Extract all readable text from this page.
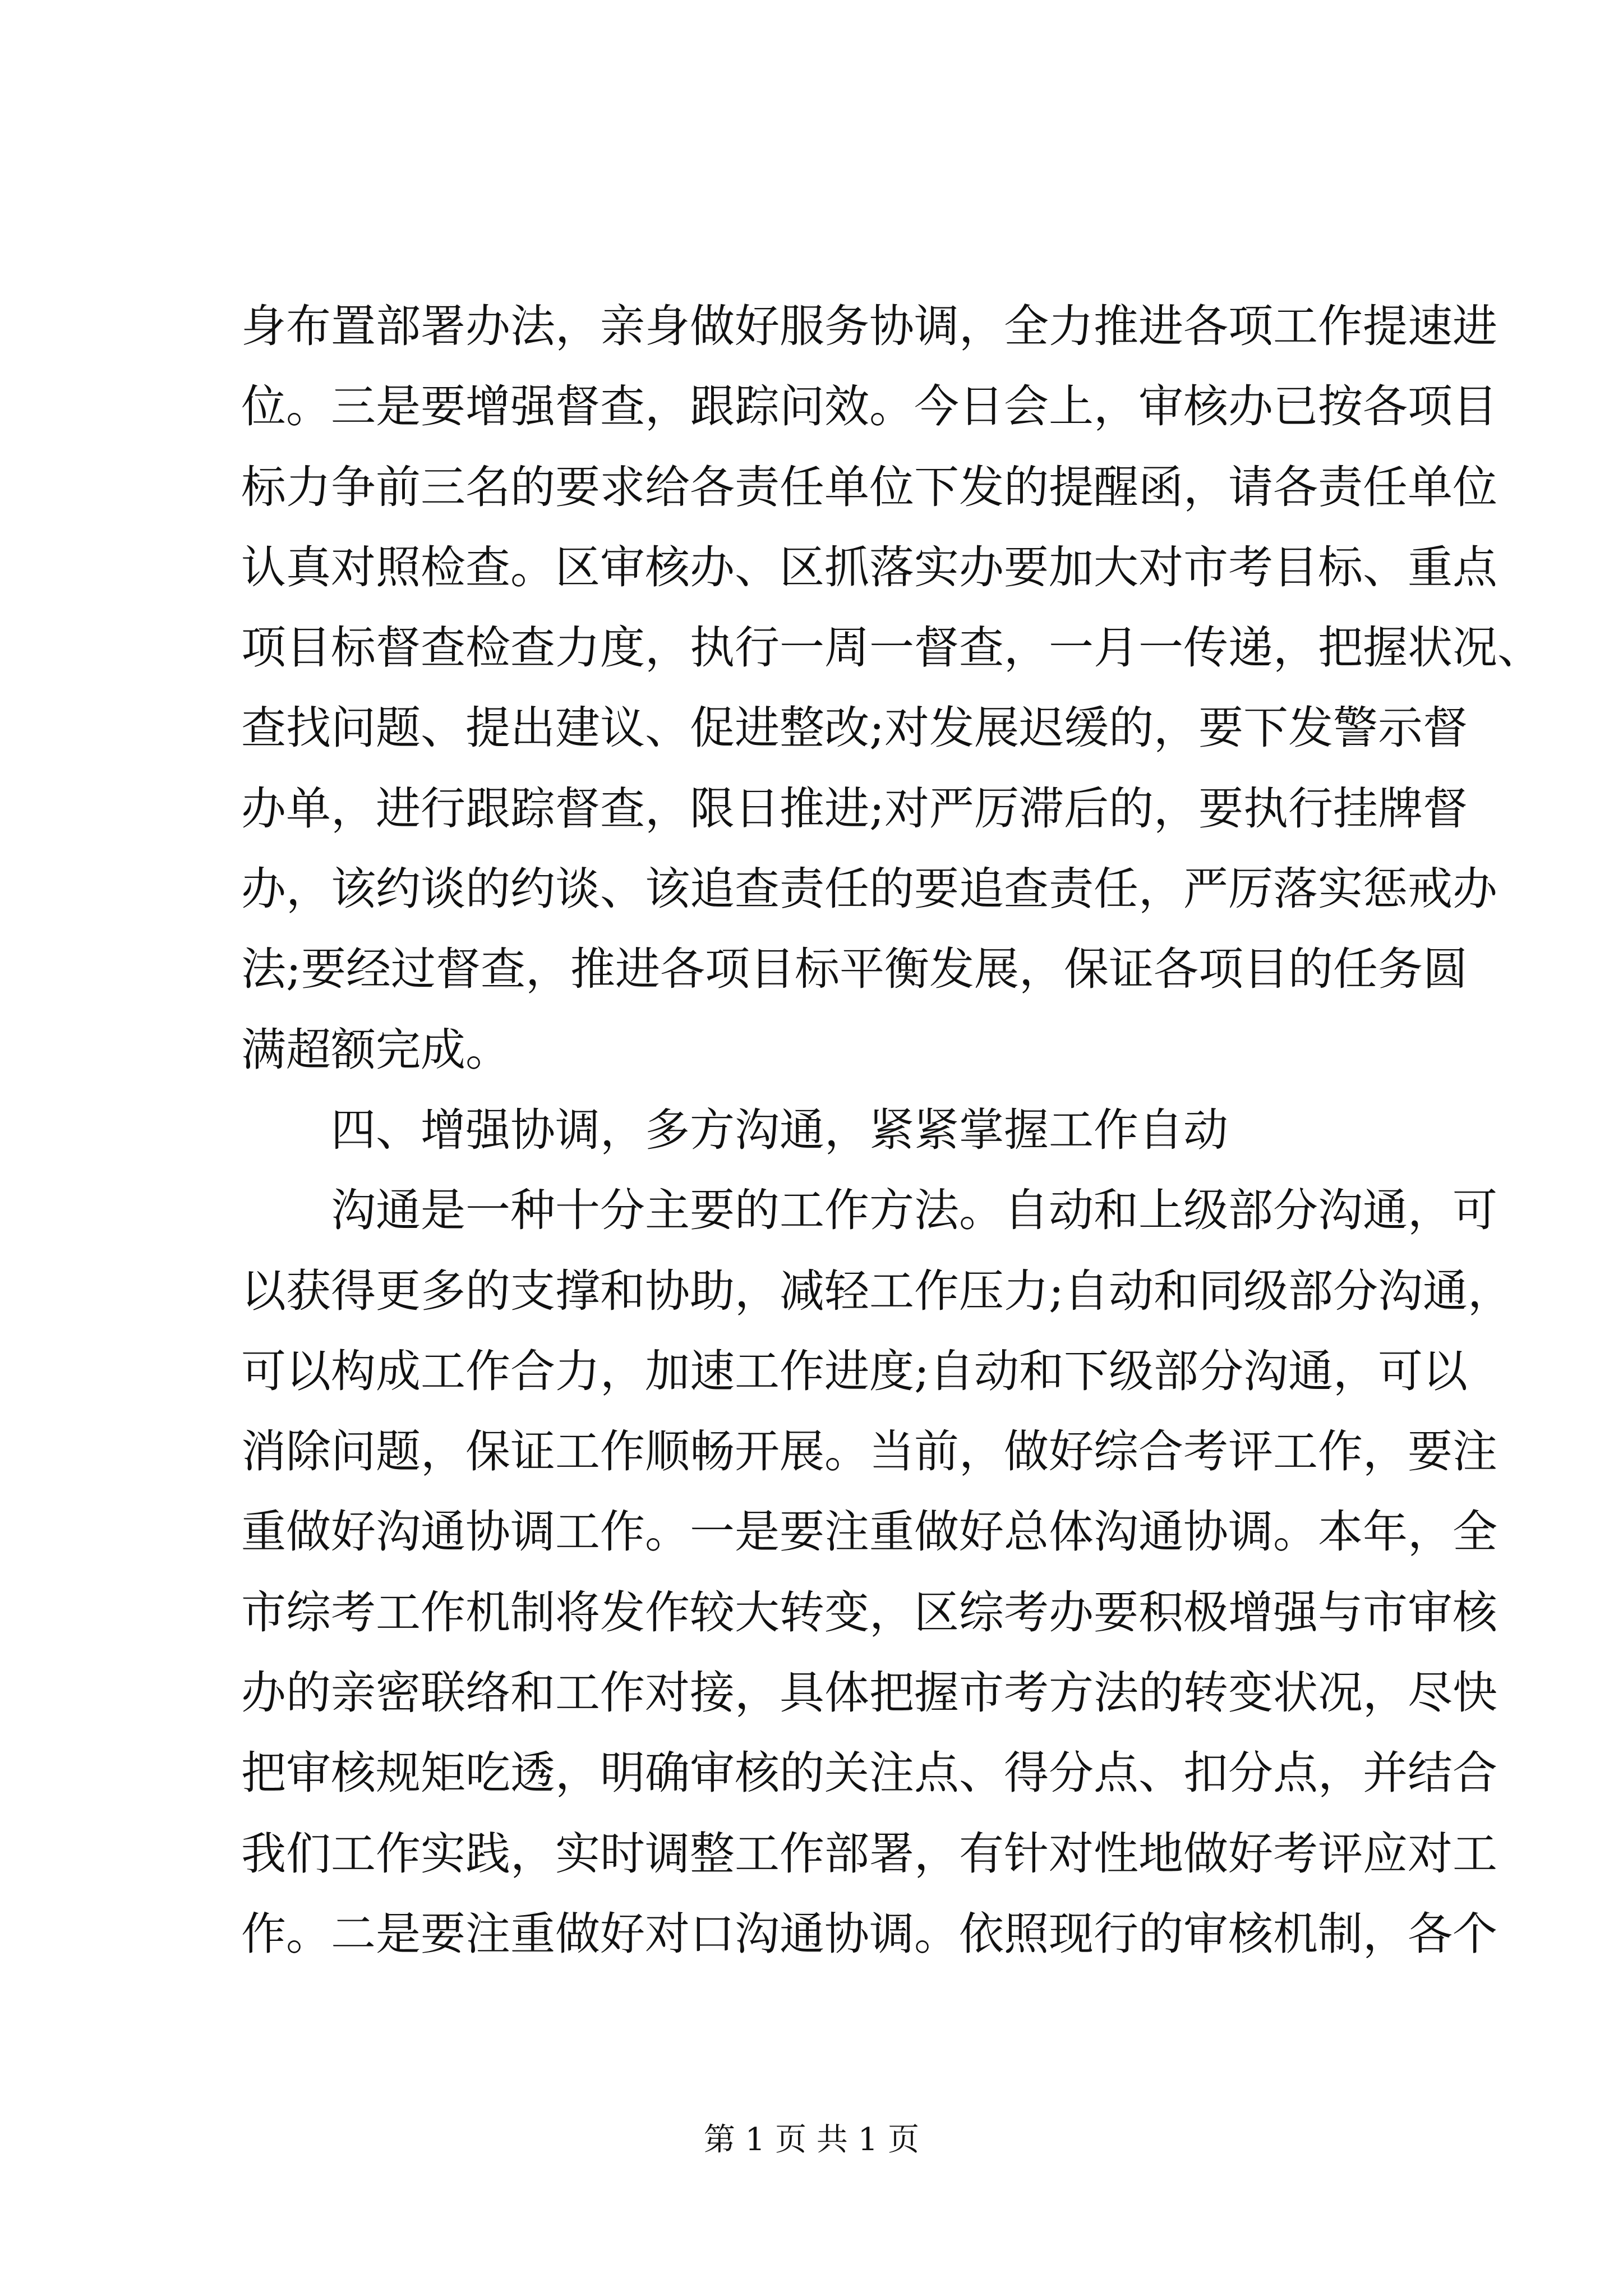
身布置部署办法，亲身做好服务协调，全力推进各项工作提速进
位。三是要增强督查，跟踪问效。今日会上，审核办已按各项目
标力争前三名的要求给各责任单位下发的提醒函，请各责任单位
认真对照检查。区审核办、区抓落实办要加大对市考目标、重点
项目标督查检查力度，执行一周一督查，一月一传递，把握状况、
查找问题、提出建议、促进整改;对发展迟缓的，要下发警示督
办单，进行跟踪督查，限日推进;对严厉滞后的，要执行挂牌督
办，该约谈的约谈、该追查责任的要追查责任，严厉落实惩戒办
法;要经过督查，推进各项目标平衡发展，保证各项目的任务圆
满超额完成。
四、增强协调，多方沟通，紧紧掌握工作自动
沟通是一种十分主要的工作方法。自动和上级部分沟通，可
以获得更多的支撑和协助，减轻工作压力;自动和同级部分沟通，
可以构成工作合力，加速工作进度;自动和下级部分沟通，可以
消除问题，保证工作顺畅开展。当前，做好综合考评工作，要注
重做好沟通协调工作。一是要注重做好总体沟通协调。本年，全
市综考工作机制将发作较大转变，区综考办要积极增强与市审核
办的亲密联络和工作对接，具体把握市考方法的转变状况，尽快
把审核规矩吃透，明确审核的关注点、得分点、扣分点，并结合
我们工作实践，实时调整工作部署，有针对性地做好考评应对工
作。二是要注重做好对口沟通协调。依照现行的审核机制，各个
第 1 页 共 1 页
